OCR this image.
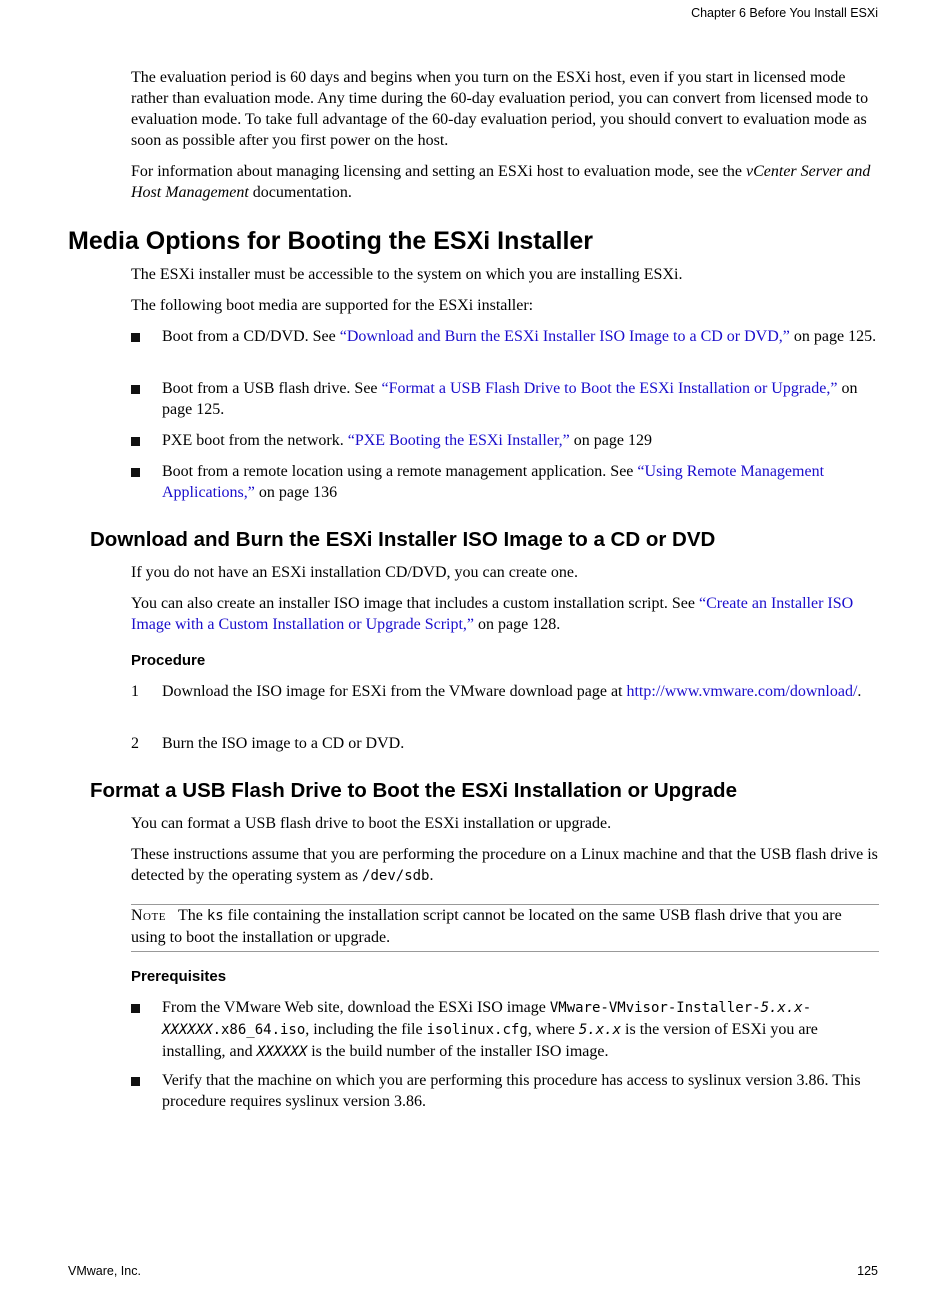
Chapter 6 Before You Install ESXi

The evaluation period is 60 days and begins when you turn on the ESXi host, even if you start in licensed mode rather than evaluation mode. Any time during the 60-day evaluation period, you can convert from licensed mode to evaluation mode. To take full advantage of the 60-day evaluation period, you should convert to evaluation mode as soon as possible after you first power on the host.

For information about managing licensing and setting an ESXi host to evaluation mode, see the vCenter Server and Host Management documentation.

Media Options for Booting the ESXi Installer

The ESXi installer must be accessible to the system on which you are installing ESXi.

The following boot media are supported for the ESXi installer:

Boot from a CD/DVD. See “Download and Burn the ESXi Installer ISO Image to a CD or DVD,” on page 125.

Boot from a USB flash drive. See “Format a USB Flash Drive to Boot the ESXi Installation or Upgrade,” on page 125.

PXE boot from the network. “PXE Booting the ESXi Installer,” on page 129

Boot from a remote location using a remote management application. See “Using Remote Management Applications,” on page 136

Download and Burn the ESXi Installer ISO Image to a CD or DVD

If you do not have an ESXi installation CD/DVD, you can create one.

You can also create an installer ISO image that includes a custom installation script. See “Create an Installer ISO Image with a Custom Installation or Upgrade Script,” on page 128.

Procedure
1 Download the ISO image for ESXi from the VMware download page at http://www.vmware.com/download/.

2 Burn the ISO image to a CD or DVD.

Format a USB Flash Drive to Boot the ESXi Installation or Upgrade

You can format a USB flash drive to boot the ESXi installation or upgrade.

These instructions assume that you are performing the procedure on a Linux machine and that the USB flash drive is detected by the operating system as /dev/sdb.

Note The ks file containing the installation script cannot be located on the same USB flash drive that you are using to boot the installation or upgrade.

Prerequisites

From the VMware Web site, download the ESXi ISO image VMware-VMvisor-Installer-5.x.x-XXXXXX.x86_64.iso, including the file isolinux.cfg, where 5.x.x is the version of ESXi you are installing, and XXXXXX is the build number of the installer ISO image.

Verify that the machine on which you are performing this procedure has access to syslinux version 3.86. This procedure requires syslinux version 3.86.

VMware, Inc.	125
